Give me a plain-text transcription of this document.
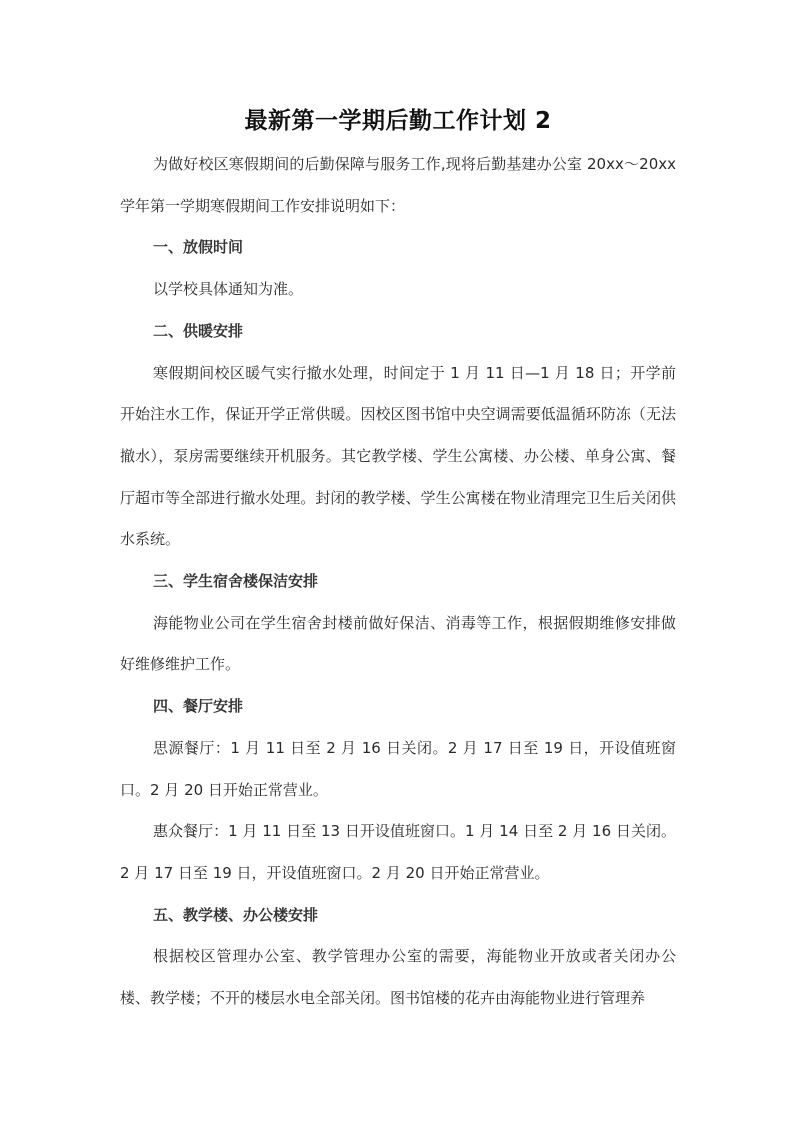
最新第一学期后勤工作计划 2

为做好校区寒假期间的后勤保障与服务工作,现将后勤基建办公室 20xx～20xx 学年第一学期寒假期间工作安排说明如下：

一、放假时间

以学校具体通知为准。

二、供暖安排

寒假期间校区暖气实行撤水处理，时间定于 1 月 11 日—1 月 18 日；开学前开始注水工作，保证开学正常供暖。因校区图书馆中央空调需要低温循环防冻（无法撤水），泵房需要继续开机服务。其它教学楼、学生公寓楼、办公楼、单身公寓、餐厅超市等全部进行撤水处理。封闭的教学楼、学生公寓楼在物业清理完卫生后关闭供水系统。

三、学生宿舍楼保洁安排

海能物业公司在学生宿舍封楼前做好保洁、消毒等工作，根据假期维修安排做好维修维护工作。

四、餐厅安排

思源餐厅：1 月 11 日至 2 月 16 日关闭。2 月 17 日至 19 日，开设值班窗口。2 月 20 日开始正常营业。

惠众餐厅：1 月 11 日至 13 日开设值班窗口。1 月 14 日至 2 月 16 日关闭。2 月 17 日至 19 日，开设值班窗口。2 月 20 日开始正常营业。

五、教学楼、办公楼安排

根据校区管理办公室、教学管理办公室的需要，海能物业开放或者关闭办公楼、教学楼；不开的楼层水电全部关闭。图书馆楼的花卉由海能物业进行管理养
